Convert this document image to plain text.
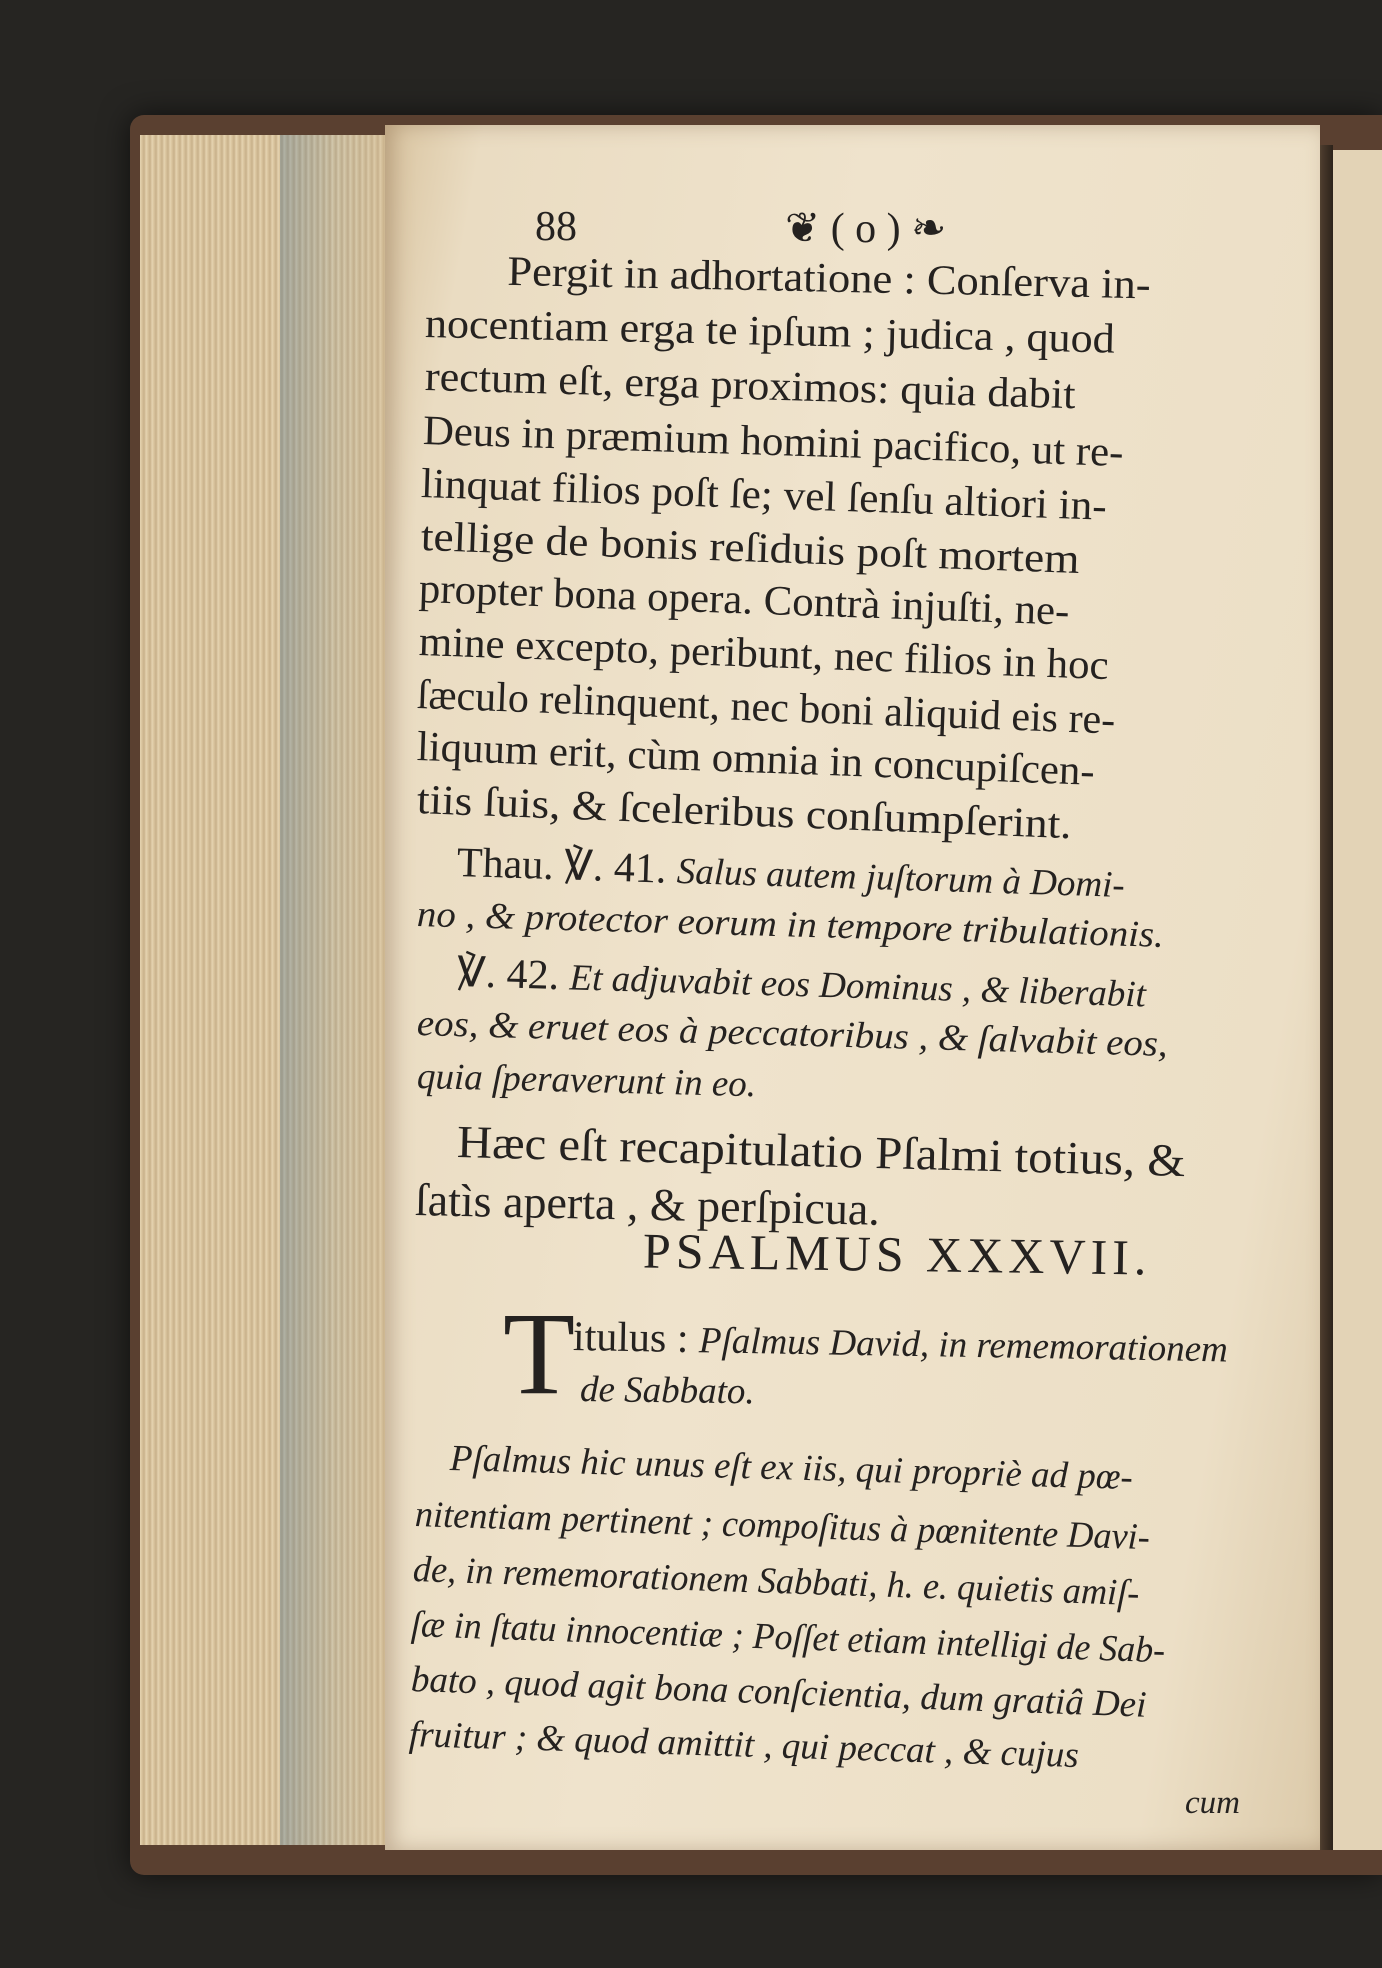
88	❦ ( o ) ❧

Pergit in adhortatione : Conſerva in-

nocentiam erga te ipſum ; judica , quod

rectum eſt, erga proximos: quia dabit

Deus in præmium homini pacifico, ut re-

linquat filios poſt ſe; vel ſenſu altiori in-

tellige de bonis reſiduis poſt mortem

propter bona opera. Contrà injuſti, ne-

mine excepto, peribunt, nec filios in hoc

ſæculo relinquent, nec boni aliquid eis re-

liquum erit, cùm omnia in concupiſcen-

tiis ſuis, & ſceleribus conſumpſerint.

Thau. ℣. 41. Salus autem juſtorum à Domi-

no , & protector eorum in tempore tribulationis.

℣. 42. Et adjuvabit eos Dominus , & liberabit

eos, & eruet eos à peccatoribus , & ſalvabit eos,

quia ſperaverunt in eo.

Hæc eſt recapitulatio Pſalmi totius, &

ſatìs aperta , & perſpicua.

PSALMUS XXXVII.

T

itulus : Pſalmus David, in rememorationem

de Sabbato.

Pſalmus hic unus eſt ex iis, qui propriè ad pœ-

nitentiam pertinent ; compoſitus à pœnitente Davi-

de, in rememorationem Sabbati, h. e. quietis amiſ-

ſæ in ſtatu innocentiæ ; Poſſet etiam intelligi de Sab-

bato , quod agit bona conſcientia, dum gratiâ Dei

fruitur ; & quod amittit , qui peccat , & cujus

cum
